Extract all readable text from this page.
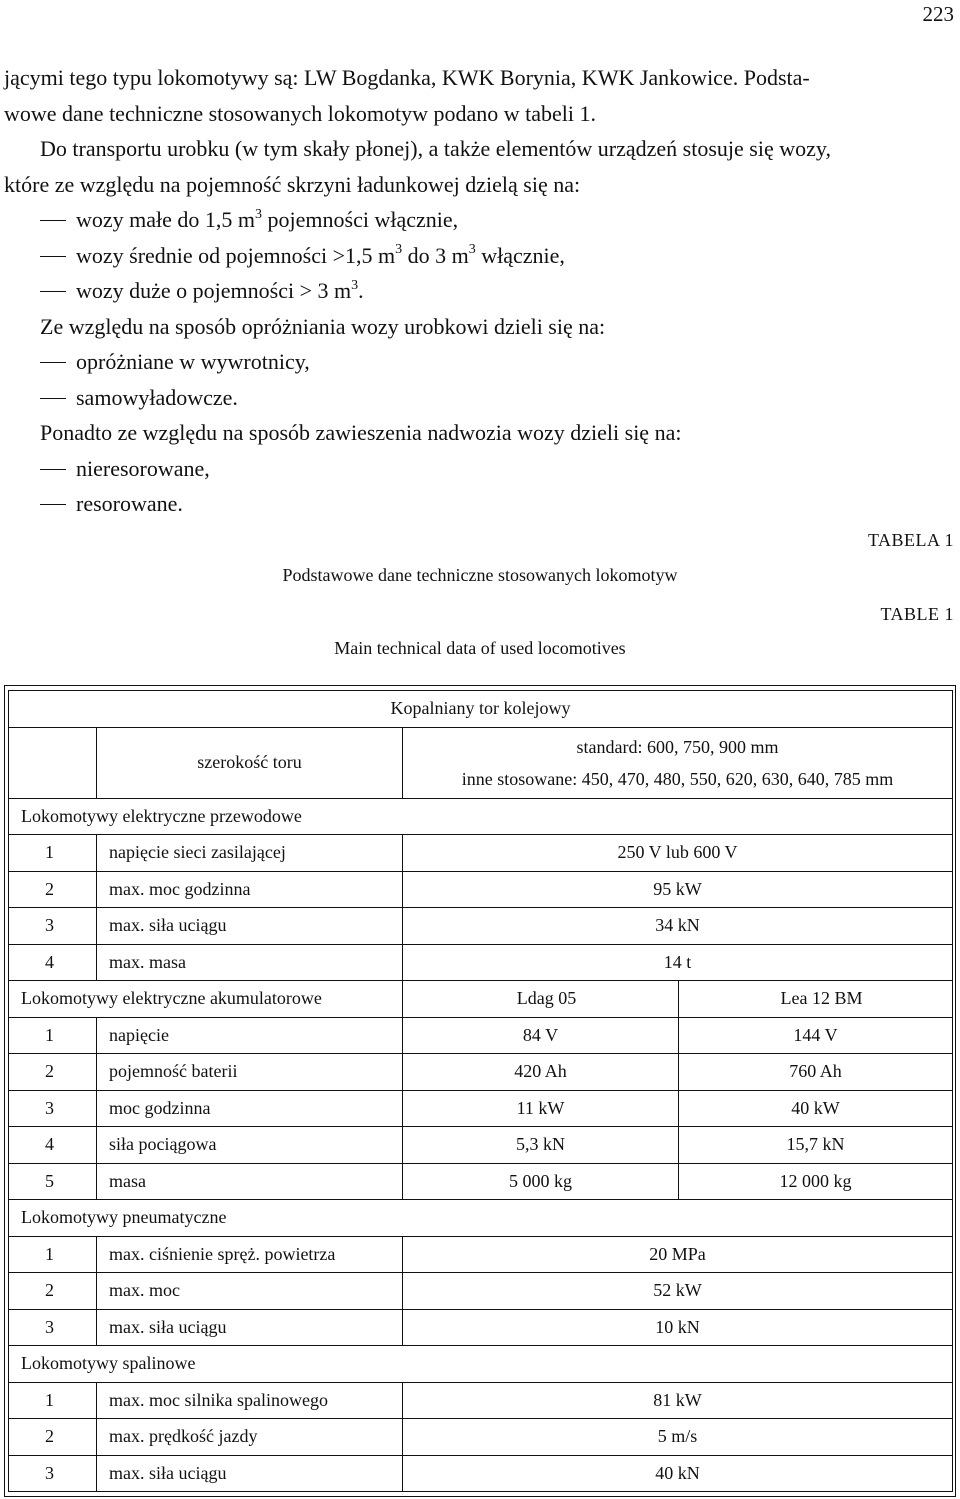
223

jącymi tego typu lokomotywy są: LW Bogdanka, KWK Borynia, KWK Jankowice. Podsta-

wowe dane techniczne stosowanych lokomotyw podano w tabeli 1.

Do transportu urobku (w tym skały płonej), a także elementów urządzeń stosuje się wozy,

które ze względu na pojemność skrzyni ładunkowej dzielą się na:

wozy małe do 1,5 $m^3$ pojemności włącznie,

wozy średnie od pojemności >1,5 $m^3$ do 3 $m^3$ włącznie,

wozy duże o pojemności > 3 $m^3$.

Ze względu na sposób opróżniania wozy urobkowi dzieli się na:

opróżniane w wywrotnicy,

samowyładowcze.

Ponadto ze względu na sposób zawieszenia nadwozia wozy dzieli się na:

nieresorowane,

resorowane.

TABELA 1
Podstawowe dane techniczne stosowanych lokomotyw
TABLE 1
Main technical data of used locomotives
Kopalniany tor kolejowy			
	szerokość toru	standard: 600, 750, 900 mm
inne stosowane: 450, 470, 480, 550, 620, 630, 640, 785 mm	

Lokomotywy elektryczne przewodowe			
1	napięcie sieci zasilającej	250 V lub 600 V	
2	max. moc godzinna	95 kW	
3	max. siła uciągu	34 kN	
4	max. masa	14 t	
Lokomotywy elektryczne akumulatorowe		Ldag 05	Lea 12 BM
1	napięcie	84 V	144 V
2	pojemność baterii	420 Ah	760 Ah
3	moc godzinna	11 kW	40 kW
4	siła pociągowa	5,3 kN	15,7 kN
5	masa	5 000 kg	12 000 kg
Lokomotywy pneumatyczne			
1	max. ciśnienie spręż. powietrza	20 MPa	
2	max. moc	52 kW	
3	max. siła uciągu	10 kN	
Lokomotywy spalinowe			
1	max. moc silnika spalinowego	81 kW	
2	max. prędkość jazdy	5 m/s	
3	max. siła uciągu	40 kN	
